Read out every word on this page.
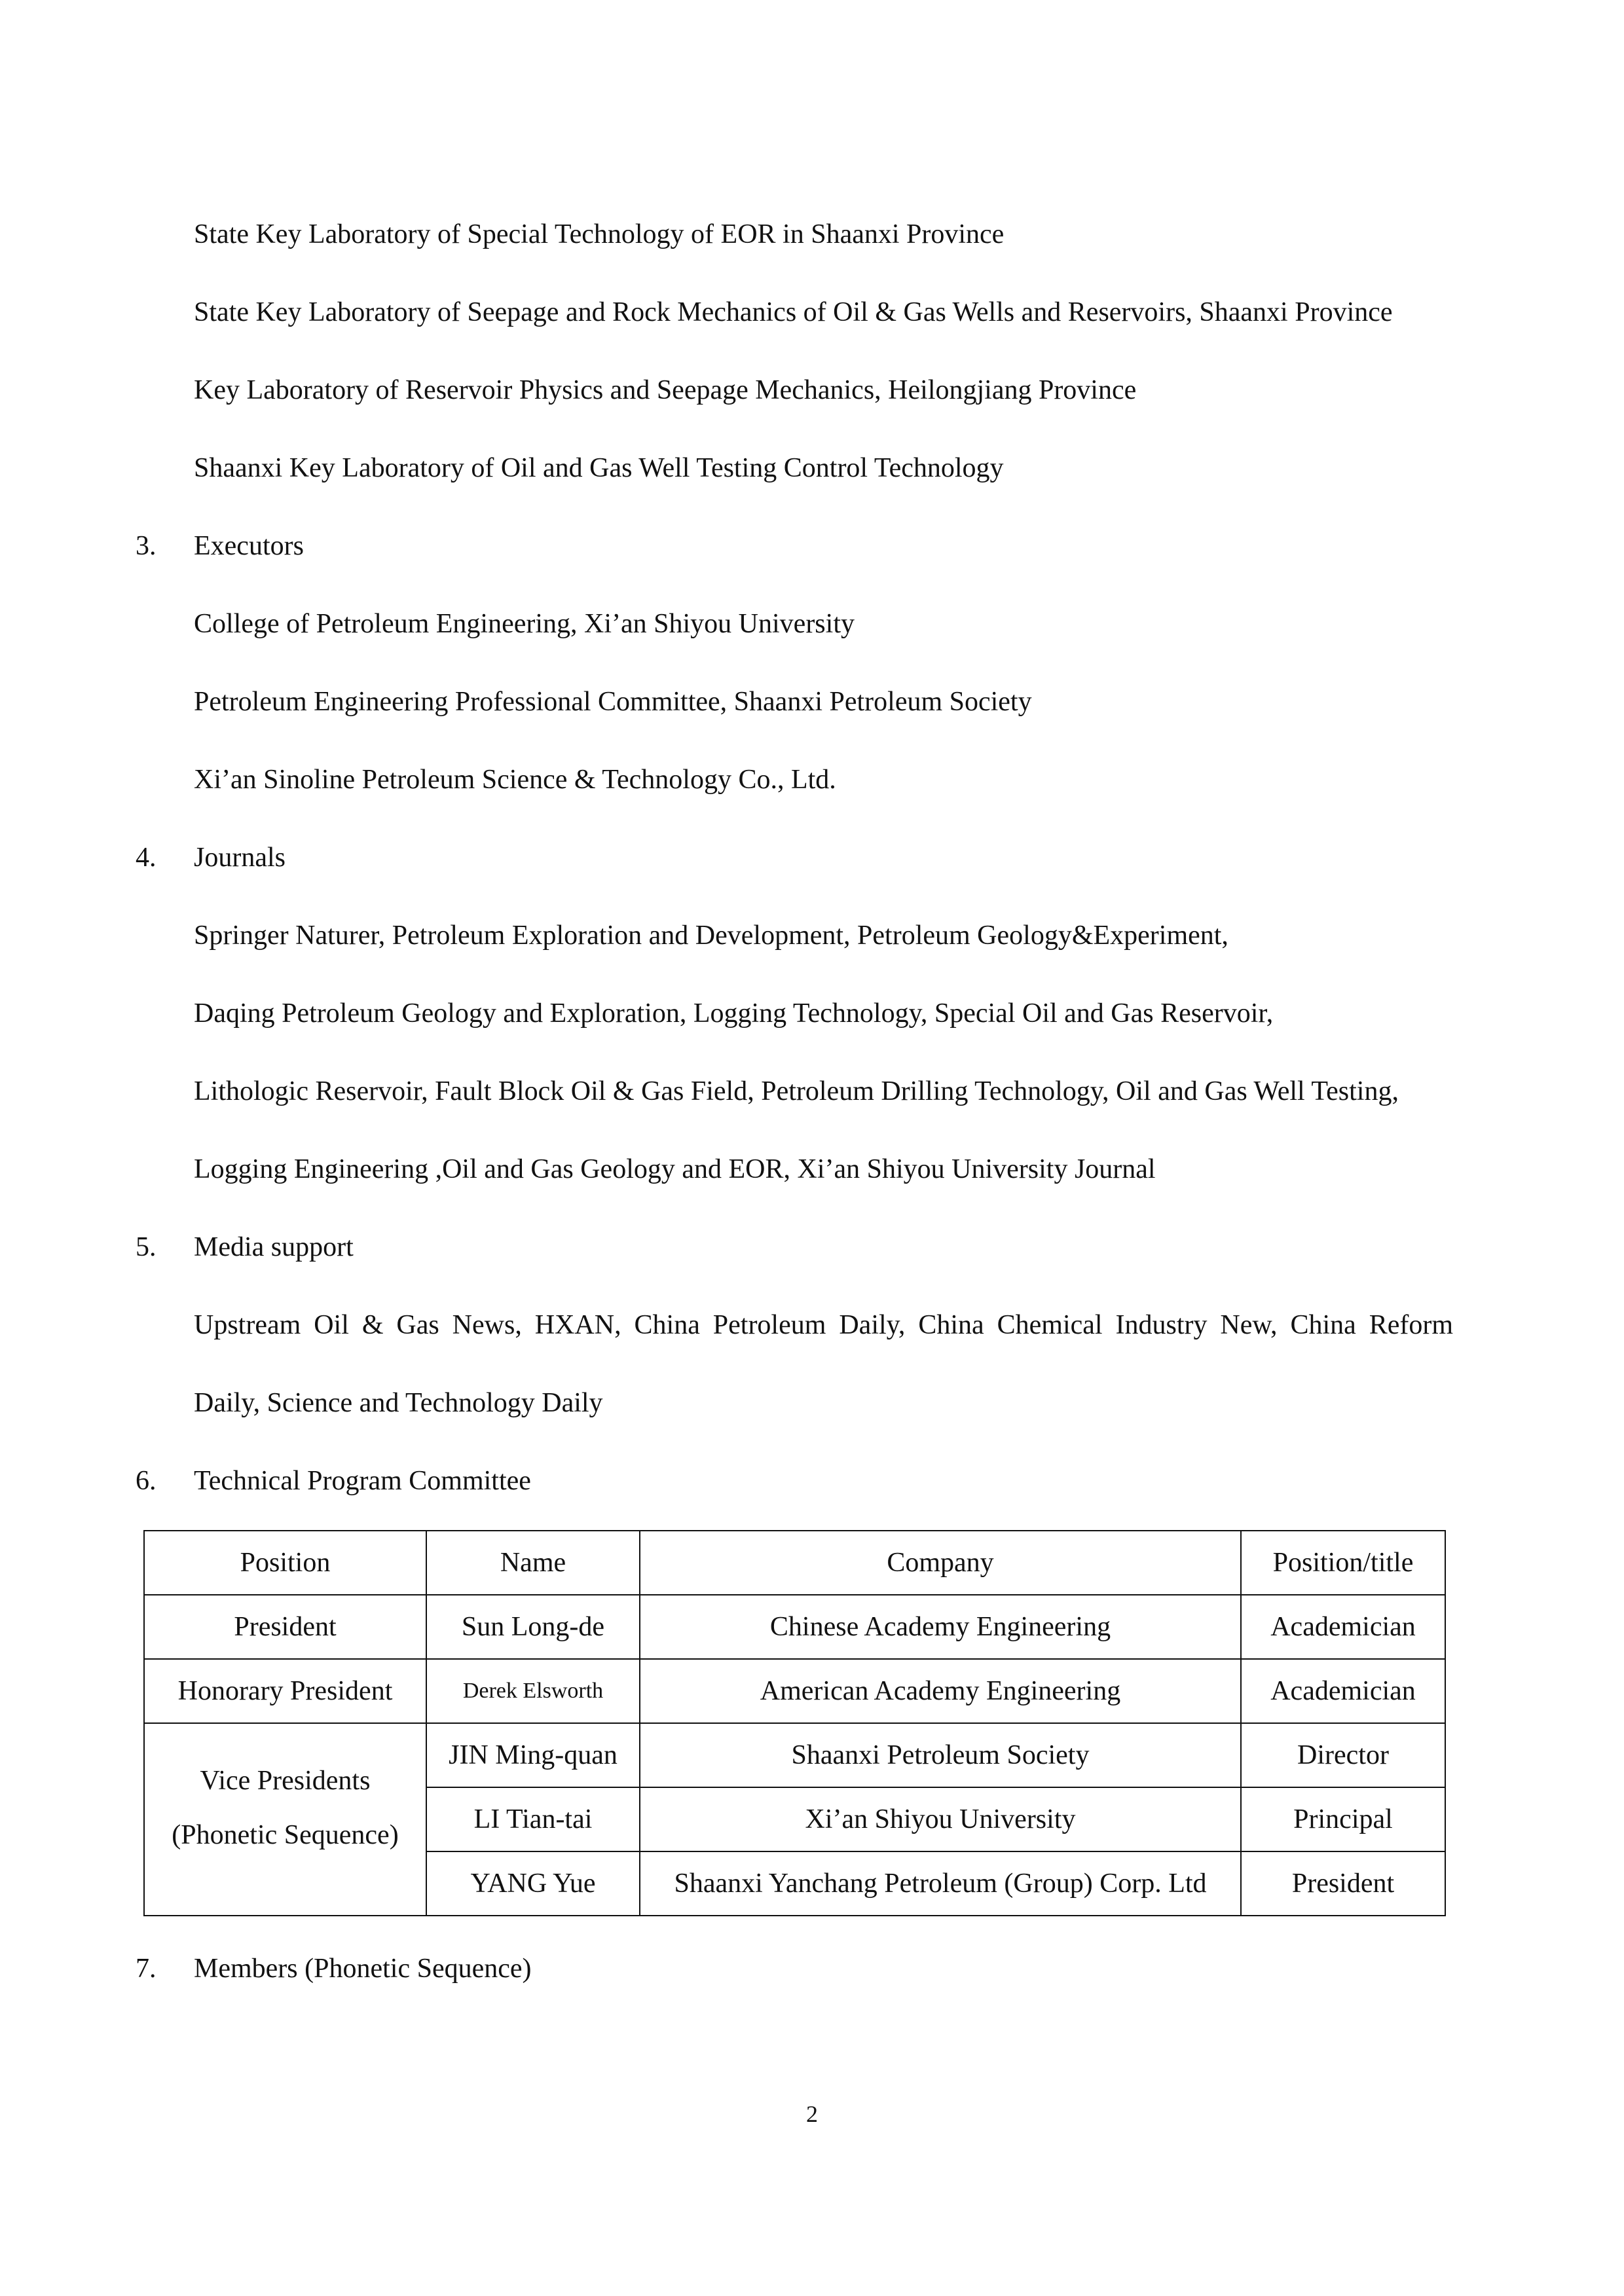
State Key Laboratory of Special Technology of EOR in Shaanxi Province
State Key Laboratory of Seepage and Rock Mechanics of Oil & Gas Wells and Reservoirs, Shaanxi Province
Key Laboratory of Reservoir Physics and Seepage Mechanics, Heilongjiang Province
Shaanxi Key Laboratory of Oil and Gas Well Testing Control Technology
3. Executors
College of Petroleum Engineering, Xi’an Shiyou University
Petroleum Engineering Professional Committee, Shaanxi Petroleum Society
Xi’an Sinoline Petroleum Science & Technology Co., Ltd.
4. Journals
Springer Naturer, Petroleum Exploration and Development, Petroleum Geology&Experiment,
Daqing Petroleum Geology and Exploration, Logging Technology, Special Oil and Gas Reservoir,
Lithologic Reservoir, Fault Block Oil & Gas Field, Petroleum Drilling Technology, Oil and Gas Well Testing,
Logging Engineering ,Oil and Gas Geology and EOR, Xi’an Shiyou University Journal
5. Media support
Upstream Oil & Gas News, HXAN, China Petroleum Daily, China Chemical Industry New, China Reform
Daily, Science and Technology Daily
6. Technical Program Committee
Position	Name	Company	Position/title
President	Sun Long-de	Chinese Academy Engineering	Academician
Honorary President	Derek Elsworth	American Academy Engineering	Academician

Vice Presidents
(Phonetic Sequence)	JIN Ming-quan	Shaanxi Petroleum Society	Director
	LI Tian-tai	Xi’an Shiyou University	Principal
	YANG Yue	Shaanxi Yanchang Petroleum (Group) Corp. Ltd	President
7. Members (Phonetic Sequence)
2
